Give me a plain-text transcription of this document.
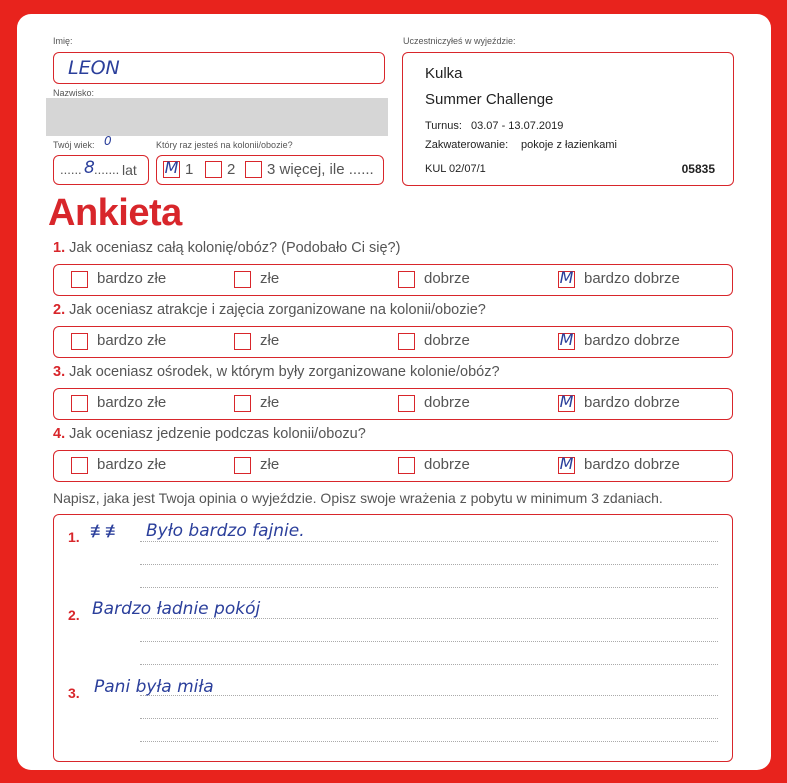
Imię:
LEON
Nazwisko:
Twój wiek: 0
...... 8 ....... lat
Który raz jesteś na kolonii/obozie?
M 1 2 3 więcej, ile ......
Uczestniczyłeś w wyjeździe:
Kulka
Summer Challenge
Turnus: 03.07 - 13.07.2019
Zakwaterowanie: pokoje z łazienkami
KUL 02/07/1	05835
Ankieta
1. Jak oceniasz całą kolonię/obóz? (Podobało Ci się?)
bardzo złe	złe	dobrze	M bardzo dobrze
2. Jak oceniasz atrakcje i zajęcia zorganizowane na kolonii/obozie?
bardzo złe	złe	dobrze	M bardzo dobrze
3. Jak oceniasz ośrodek, w którym były zorganizowane kolonie/obóz?
bardzo złe	złe	dobrze	M bardzo dobrze
4. Jak oceniasz jedzenie podczas kolonii/obozu?
bardzo złe	złe	dobrze	M bardzo dobrze
Napisz, jaka jest Twoja opinia o wyjeździe. Opisz swoje wrażenia z pobytu w minimum 3 zdaniach.
1. ≢≢ Było bardzo fajnie.
2. Bardzo ładnie pokój
3. Pani była miła
